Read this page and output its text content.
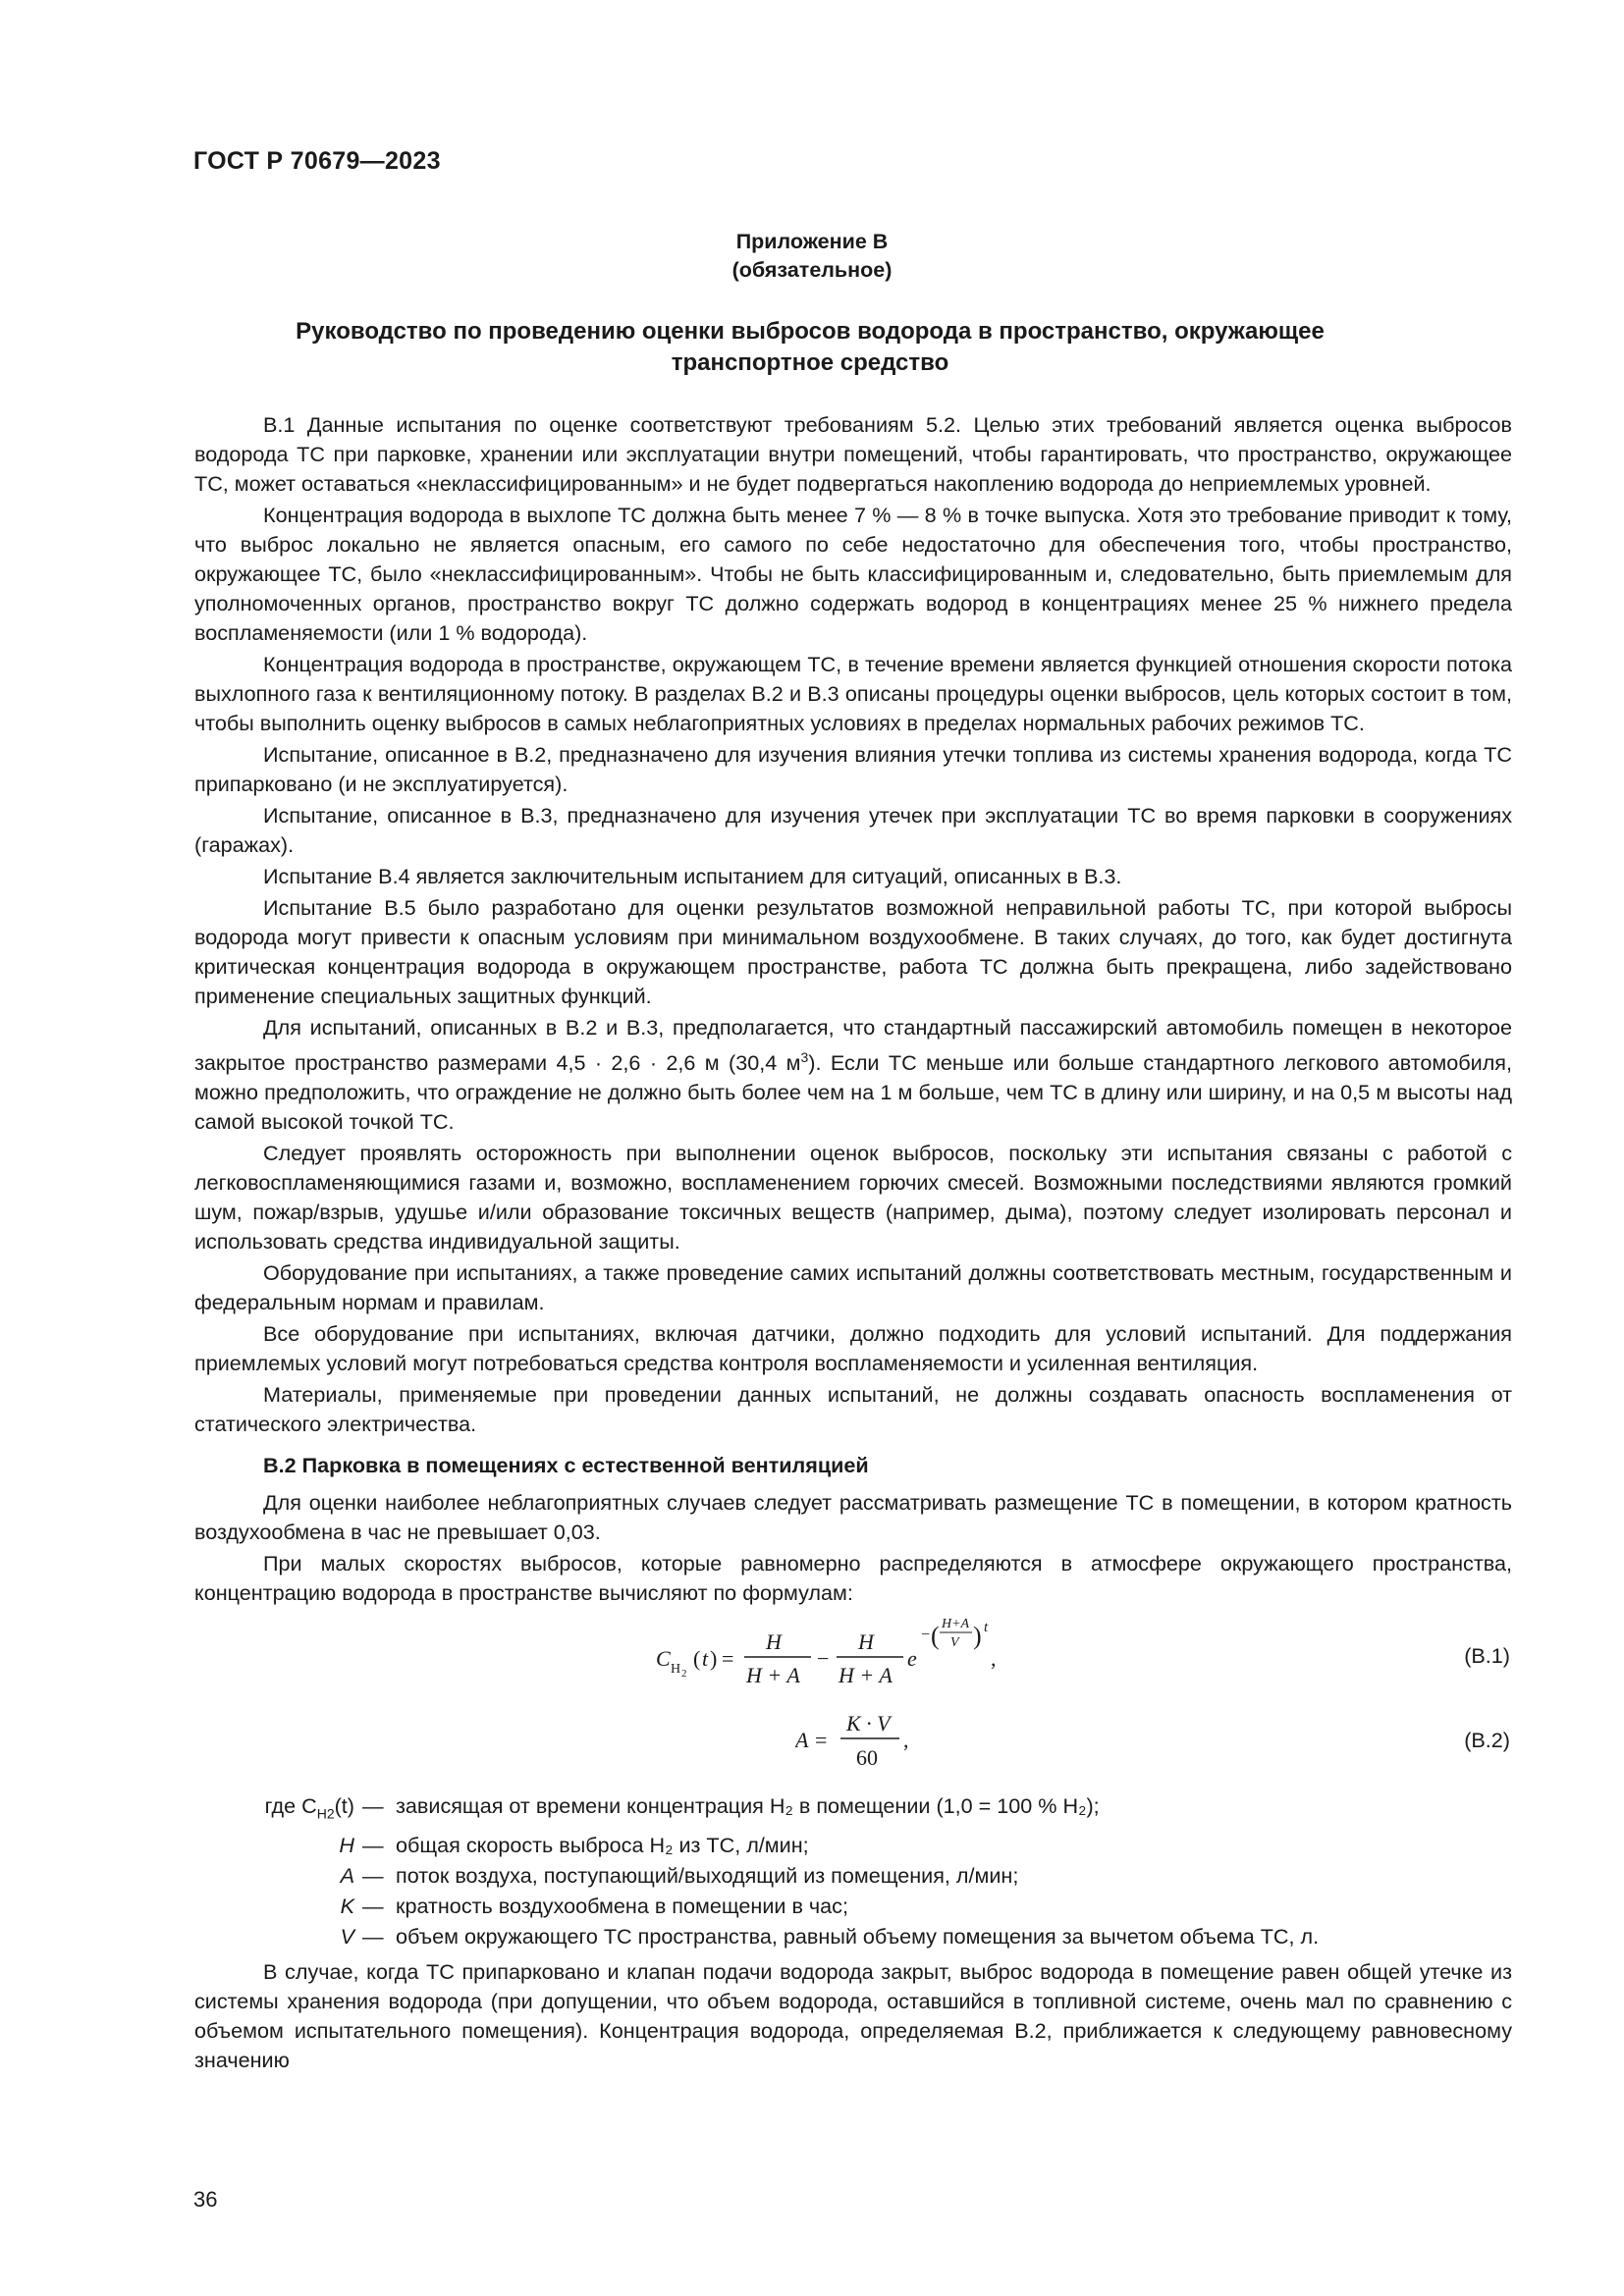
ГОСТ Р 70679—2023
Приложение В
(обязательное)
Руководство по проведению оценки выбросов водорода в пространство, окружающее транспортное средство

В.1 Данные испытания по оценке соответствуют требованиям 5.2. Целью этих требований является оценка выбросов водорода ТС при парковке, хранении или эксплуатации внутри помещений, чтобы гарантировать, что пространство, окружающее ТС, может оставаться «неклассифицированным» и не будет подвергаться накоплению водорода до неприемлемых уровней.

Концентрация водорода в выхлопе ТС должна быть менее 7 % — 8 % в точке выпуска. Хотя это требование приводит к тому, что выброс локально не является опасным, его самого по себе недостаточно для обеспечения того, чтобы пространство, окружающее ТС, было «неклассифицированным». Чтобы не быть классифицированным и, следовательно, быть приемлемым для уполномоченных органов, пространство вокруг ТС должно содержать водород в концентрациях менее 25 % нижнего предела воспламеняемости (или 1 % водорода).

Концентрация водорода в пространстве, окружающем ТС, в течение времени является функцией отношения скорости потока выхлопного газа к вентиляционному потоку. В разделах В.2 и В.3 описаны процедуры оценки выбросов, цель которых состоит в том, чтобы выполнить оценку выбросов в самых неблагоприятных условиях в пределах нормальных рабочих режимов ТС.

Испытание, описанное в В.2, предназначено для изучения влияния утечки топлива из системы хранения водорода, когда ТС припарковано (и не эксплуатируется).

Испытание, описанное в В.3, предназначено для изучения утечек при эксплуатации ТС во время парковки в сооружениях (гаражах).

Испытание В.4 является заключительным испытанием для ситуаций, описанных в В.3.

Испытание В.5 было разработано для оценки результатов возможной неправильной работы ТС, при которой выбросы водорода могут привести к опасным условиям при минимальном воздухообмене. В таких случаях, до того, как будет достигнута критическая концентрация водорода в окружающем пространстве, работа ТС должна быть прекращена, либо задействовано применение специальных защитных функций.

Для испытаний, описанных в В.2 и В.3, предполагается, что стандартный пассажирский автомобиль помещен в некоторое закрытое пространство размерами 4,5 · 2,6 · 2,6 м (30,4 $м^3$). Если ТС меньше или больше стандартного легкового автомобиля, можно предположить, что ограждение не должно быть более чем на 1 м больше, чем ТС в длину или ширину, и на 0,5 м высоты над самой высокой точкой ТС.

Следует проявлять осторожность при выполнении оценок выбросов, поскольку эти испытания связаны с работой с легковоспламеняющимися газами и, возможно, воспламенением горючих смесей. Возможными последствиями являются громкий шум, пожар/взрыв, удушье и/или образование токсичных веществ (например, дыма), поэтому следует изолировать персонал и использовать средства индивидуальной защиты.

Оборудование при испытаниях, а также проведение самих испытаний должны соответствовать местным, государственным и федеральным нормам и правилам.

Все оборудование при испытаниях, включая датчики, должно подходить для условий испытаний. Для поддержания приемлемых условий могут потребоваться средства контроля воспламеняемости и усиленная вентиляция.

Материалы, применяемые при проведении данных испытаний, не должны создавать опасность воспламенения от статического электричества.

В.2 Парковка в помещениях с естественной вентиляцией

Для оценки наиболее неблагоприятных случаев следует рассматривать размещение ТС в помещении, в котором кратность воздухообмена в час не превышает 0,03.

При малых скоростях выбросов, которые равномерно распределяются в атмосфере окружающего пространства, концентрацию водорода в пространстве вычисляют по формулам:

C H 2
( t ) =
H
H + A
−
H
H + A
e
− ( H+A
V ) t
,	(В.1)
A =
K · V
60
,	(В.2)
где $C_{H2}(t)$ — зависящая от времени концентрация H₂ в помещении (1,0 = 100 % H₂);
H — общая скорость выброса H₂ из ТС, л/мин;
A — поток воздуха, поступающий/выходящий из помещения, л/мин;
K — кратность воздухообмена в помещении в час;
V — объем окружающего ТС пространства, равный объему помещения за вычетом объема ТС, л.

В случае, когда ТС припарковано и клапан подачи водорода закрыт, выброс водорода в помещение равен общей утечке из системы хранения водорода (при допущении, что объем водорода, оставшийся в топливной системе, очень мал по сравнению с объемом испытательного помещения). Концентрация водорода, определяемая В.2, приближается к следующему равновесному значению

36
